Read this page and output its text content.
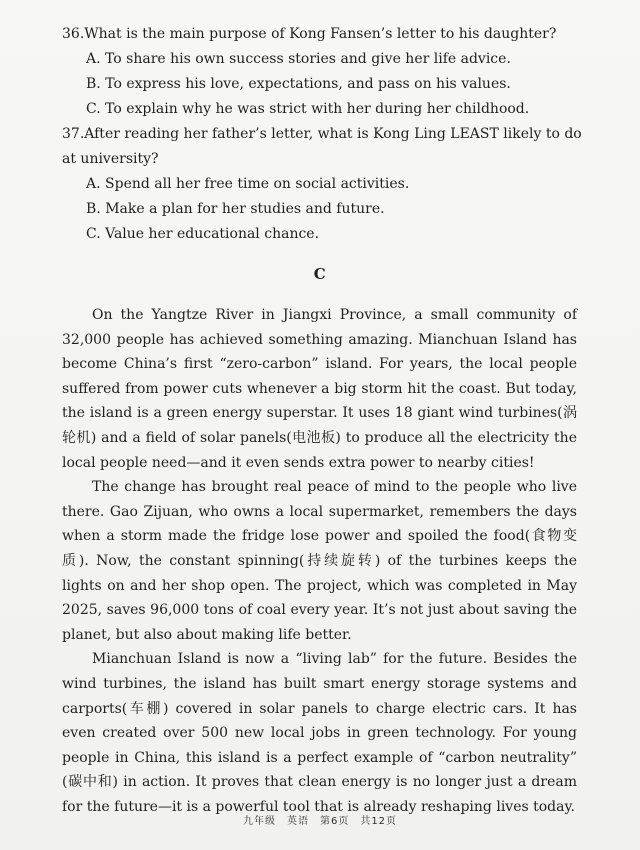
36.What is the main purpose of Kong Fansen’s letter to his daughter?
A. To share his own success stories and give her life advice.
B. To express his love, expectations, and pass on his values.
C. To explain why he was strict with her during her childhood.
37.After reading her father’s letter, what is Kong Ling LEAST likely to do at university?
A. Spend all her free time on social activities.
B. Make a plan for her studies and future.
C. Value her educational chance.
C

On the Yangtze River in Jiangxi Province, a small community of 32,000 people has achieved something amazing. Mianchuan Island has become China’s first “zero-carbon” island. For years, the local people suffered from power cuts whenever a big storm hit the coast. But today, the island is a green energy superstar. It uses 18 giant wind turbines(涡轮机) and a field of solar panels(电池板) to produce all the electricity the local people need—and it even sends extra power to nearby cities!

The change has brought real peace of mind to the people who live there. Gao Zijuan, who owns a local supermarket, remembers the days when a storm made the fridge lose power and spoiled the food(食物变质). Now, the constant spinning(持续旋转) of the turbines keeps the lights on and her shop open. The project, which was completed in May 2025, saves 96,000 tons of coal every year. It’s not just about saving the planet, but also about making life better.

Mianchuan Island is now a “living lab” for the future. Besides the wind turbines, the island has built smart energy storage systems and carports(车棚) covered in solar panels to charge electric cars. It has even created over 500 new local jobs in green technology. For young people in China, this island is a perfect example of “carbon neutrality” (碳中和) in action. It proves that clean energy is no longer just a dream for the future—it is a powerful tool that is already reshaping lives today.

九年级　英语　第6页　共12页
